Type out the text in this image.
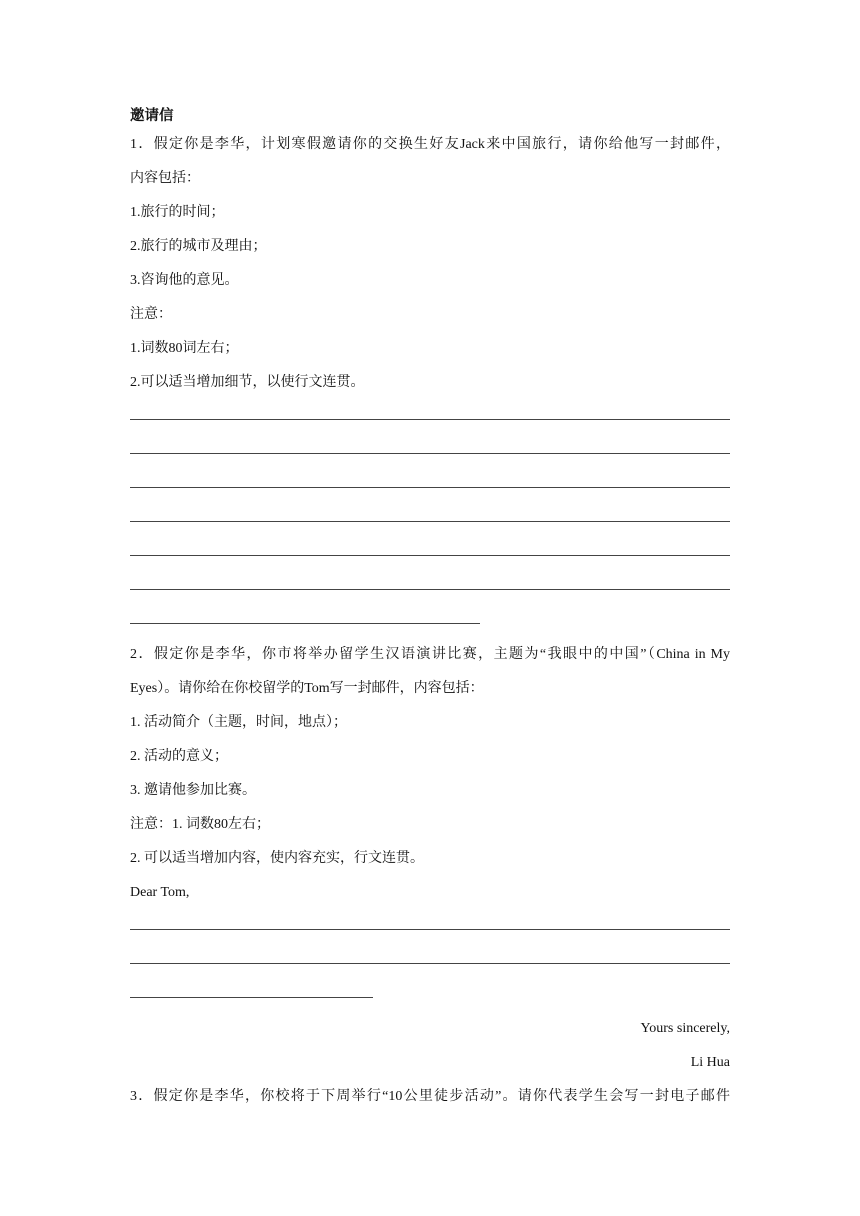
邀请信
1．假定你是李华，计划寒假邀请你的交换生好友Jack来中国旅行，请你给他写一封邮件，
内容包括：
1.旅行的时间；
2.旅行的城市及理由；
3.咨询他的意见。
注意：
1.词数80词左右；
2.可以适当增加细节，以使行文连贯。
2．假定你是李华，你市将举办留学生汉语演讲比赛，主题为“我眼中的中国”（China in My
Eyes）。请你给在你校留学的Tom写一封邮件，内容包括：
1. 活动简介（主题，时间，地点）；
2. 活动的意义；
3. 邀请他参加比赛。
注意：1. 词数80左右；
2. 可以适当增加内容，使内容充实，行文连贯。
Dear Tom,
Yours sincerely,
Li Hua
3．假定你是李华，你校将于下周举行“10公里徒步活动”。请你代表学生会写一封电子邮件
